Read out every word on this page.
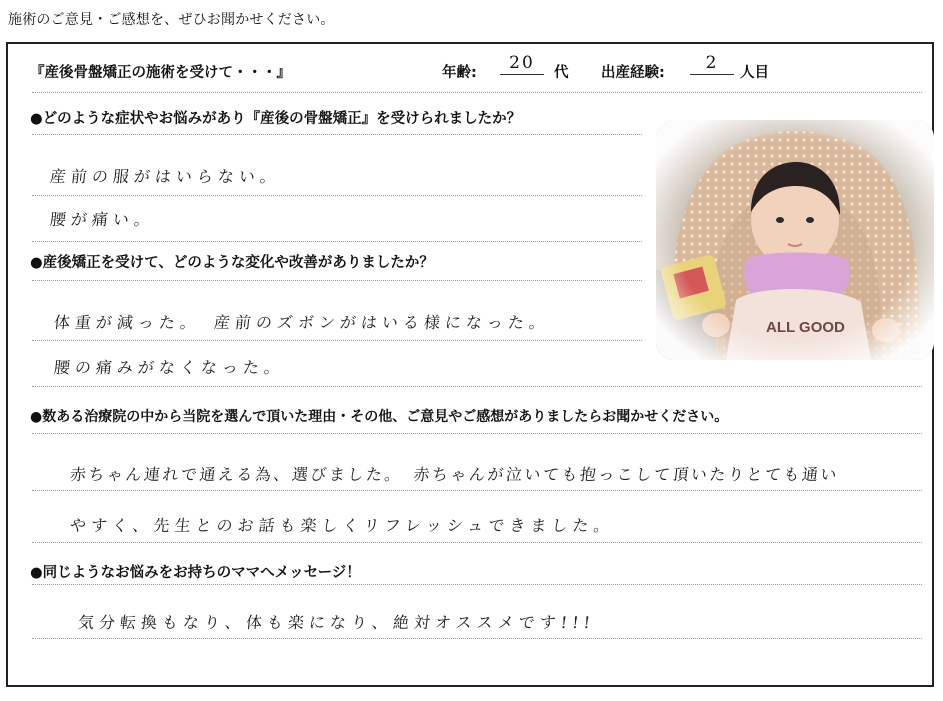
施術のご意見・ご感想を、ぜひお聞かせください。
『産後骨盤矯正の施術を受けて・・・』	年齢:	20	代 出産経験:	2	人目
●どのような症状やお悩みがあり『産後の骨盤矯正』を受けられましたか？
産前の服がはいらない。
腰が痛い。
●産後矯正を受けて、どのような変化や改善がありましたか？
体重が減った。　産前のズボンがはいる様になった。
腰の痛みがなくなった。
●数ある治療院の中から当院を選んで頂いた理由・その他、ご意見やご感想がありましたらお聞かせください。
赤ちゃん連れで通える為、選びました。　赤ちゃんが泣いても抱っこして頂いたりとても通い
やすく、先生とのお話も楽しくリフレッシュできました。
●同じようなお悩みをお持ちのママへメッセージ！
気分転換もなり、体も楽になり、絶対オススメです!!!
